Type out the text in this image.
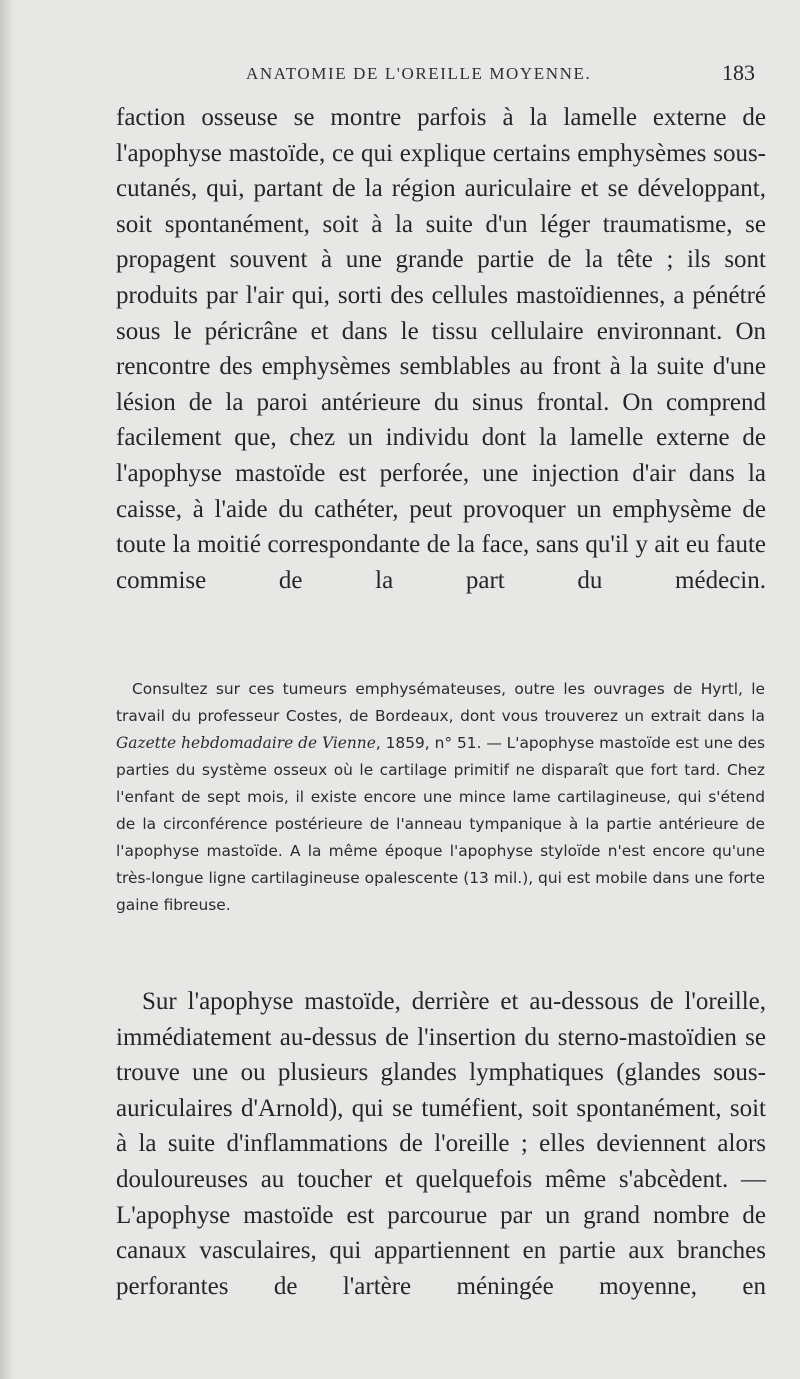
ANATOMIE DE L'OREILLE MOYENNE.	183

faction osseuse se montre parfois à la lamelle externe de l'apophyse mastoïde, ce qui explique certains emphysèmes sous-cutanés, qui, partant de la région auriculaire et se développant, soit spontanément, soit à la suite d'un léger traumatisme, se propagent souvent à une grande partie de la tête ; ils sont produits par l'air qui, sorti des cellules mastoïdiennes, a pénétré sous le péricrâne et dans le tissu cellulaire environnant. On rencontre des emphysèmes semblables au front à la suite d'une lésion de la paroi antérieure du sinus frontal. On comprend facilement que, chez un individu dont la lamelle externe de l'apophyse mastoïde est perforée, une injection d'air dans la caisse, à l'aide du cathéter, peut provoquer un emphysème de toute la moitié correspondante de la face, sans qu'il y ait eu faute commise de la part du médecin.

Consultez sur ces tumeurs emphysémateuses, outre les ouvrages de Hyrtl, le travail du professeur Costes, de Bordeaux, dont vous trouverez un extrait dans la Gazette hebdomadaire de Vienne, 1859, n° 51. — L'apophyse mastoïde est une des parties du système osseux où le cartilage primitif ne disparaît que fort tard. Chez l'enfant de sept mois, il existe encore une mince lame cartilagineuse, qui s'étend de la circonférence postérieure de l'anneau tympanique à la partie antérieure de l'apophyse mastoïde. A la même époque l'apophyse styloïde n'est encore qu'une très-longue ligne cartilagineuse opalescente (13 mil.), qui est mobile dans une forte gaine fibreuse.

Sur l'apophyse mastoïde, derrière et au-dessous de l'oreille, immédiatement au-dessus de l'insertion du sterno-mastoïdien se trouve une ou plusieurs glandes lymphatiques (glandes sous-auriculaires d'Arnold), qui se tuméfient, soit spontanément, soit à la suite d'inflammations de l'oreille ; elles deviennent alors douloureuses au toucher et quelquefois même s'abcèdent. — L'apophyse mastoïde est parcourue par un grand nombre de canaux vasculaires, qui appartiennent en partie aux branches perforantes de l'artère méningée moyenne, en
